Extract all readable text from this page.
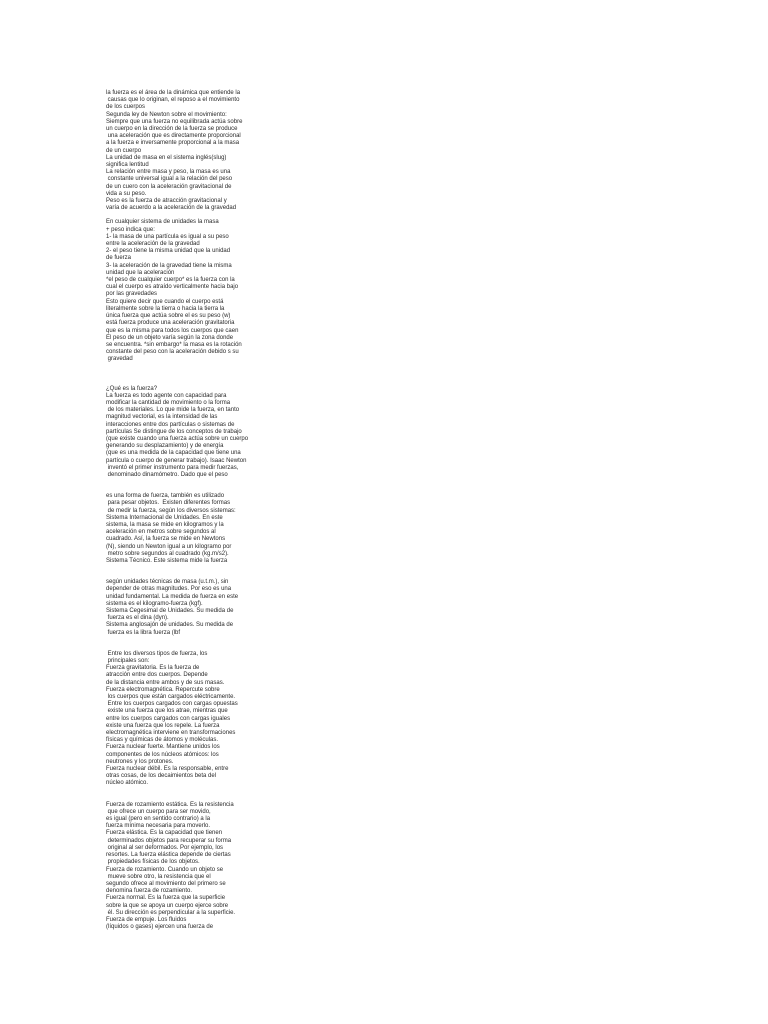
la fuerza es el área de la dinámica que entiende la
causas que lo originan, el reposo a el movimiento
de los cuerpos
Segunda ley de Newton sobre el movimiento:
Siempre que una fuerza no equilibrada actúa sobre
un cuerpo en la dirección de la fuerza se produce
una aceleración que es directamente proporcional
a la fuerza e inversamente proporcional a la masa
de un cuerpo
La unidad de masa en el sistema inglés(slug)
significa lentitud
La relación entre masa y peso, la masa es una
constante universal igual a la relación del peso
de un cuero con la aceleración gravitacional de
vida a su peso.
Peso es la fuerza de atracción gravitacional y
varía de acuerdo a la aceleración de la gravedad
En cualquier sistema de unidades la masa
+ peso indica que:
1- la masa de una partícula es igual a su peso
entre la aceleración de la gravedad
2- el peso tiene la misma unidad que la unidad
de fuerza
3- la aceleración de la gravedad tiene la misma
unidad que la aceleración
*el peso de cualquier cuerpo* es la fuerza con la
cual el cuerpo es atraído verticalmente hacia bajo
por las gravedades
Esto quiere decir que cuando el cuerpo está
literalmente sobre la tierra o hacia la tierra la
única fuerza que actúa sobre el es su peso (w)
está fuerza produce una aceleración gravitatoria
que es la misma para todos los cuerpos que caen
El peso de un objeto varía según la zona donde
se encuentra. *sin embargo* la masa es la rotación
constante del peso con la aceleración debido s su
gravedad
¿Qué es la fuerza?
La fuerza es todo agente con capacidad para
modificar la cantidad de movimiento o la forma
de los materiales. Lo que mide la fuerza, en tanto
magnitud vectorial, es la intensidad de las
interacciones entre dos partículas o sistemas de
partículas Se distingue de los conceptos de trabajo
(que existe cuando una fuerza actúa sobre un cuerpo
generando su desplazamiento) y de energía
(que es una medida de la capacidad que tiene una
partícula o cuerpo de generar trabajo). Isaac Newton
inventó el primer instrumento para medir fuerzas,
denominado dinamómetro. Dado que el peso
es una forma de fuerza, también es utilizado
para pesar objetos.  Existen diferentes formas
de medir la fuerza, según los diversos sistemas:
Sistema Internacional de Unidades. En este
sistema, la masa se mide en kilogramos y la
aceleración en metros sobre segundos al
cuadrado. Así, la fuerza se mide en Newtons
(N), siendo un Newton igual a un kilogramo por
metro sobre segundos al cuadrado (kg.m/s2).
Sistema Técnico. Este sistema mide la fuerza
según unidades técnicas de masa (u.t.m.), sin
depender de otras magnitudes. Por eso es una
unidad fundamental. La medida de fuerza en este
sistema es el kilogramo-fuerza (kgf).
Sistema Cegesimal de Unidades. Su medida de
fuerza es el dina (dyn).
Sistema anglosajón de unidades. Su medida de
fuerza es la libra fuerza (lbf
Entre los diversos tipos de fuerza, los
principales son:
Fuerza gravitatoria. Es la fuerza de
atracción entre dos cuerpos. Depende
de la distancia entre ambos y de sus masas.
Fuerza electromagnética. Repercute sobre
los cuerpos que están cargados eléctricamente.
Entre los cuerpos cargados con cargas opuestas
existe una fuerza que los atrae, mientras que
entre los cuerpos cargados con cargas iguales
existe una fuerza que los repele. La fuerza
electromagnética interviene en transformaciones
físicas y químicas de átomos y moléculas.
Fuerza nuclear fuerte. Mantiene unidos los
componentes de los núcleos atómicos: los
neutrones y los protones.
Fuerza nuclear débil. Es la responsable, entre
otras cosas, de los decaimientos beta del
núcleo atómico.
Fuerza de rozamiento estática. Es la resistencia
que ofrece un cuerpo para ser movido,
es igual (pero en sentido contrario) a la
fuerza mínima necesaria para moverlo.
Fuerza elástica. Es la capacidad que tienen
determinados objetos para recuperar su forma
original al ser deformados. Por ejemplo, los
resortes. La fuerza elástica depende de ciertas
propiedades físicas de los objetos.
Fuerza de rozamiento. Cuando un objeto se
mueve sobre otro, la resistencia que el
segundo ofrece al movimiento del primero se
denomina fuerza de rozamiento.
Fuerza normal. Es la fuerza que la superficie
sobre la que se apoya un cuerpo ejerce sobre
él. Su dirección es perpendicular a la superficie.
Fuerza de empuje. Los fluidos
(líquidos o gases) ejercen una fuerza de
